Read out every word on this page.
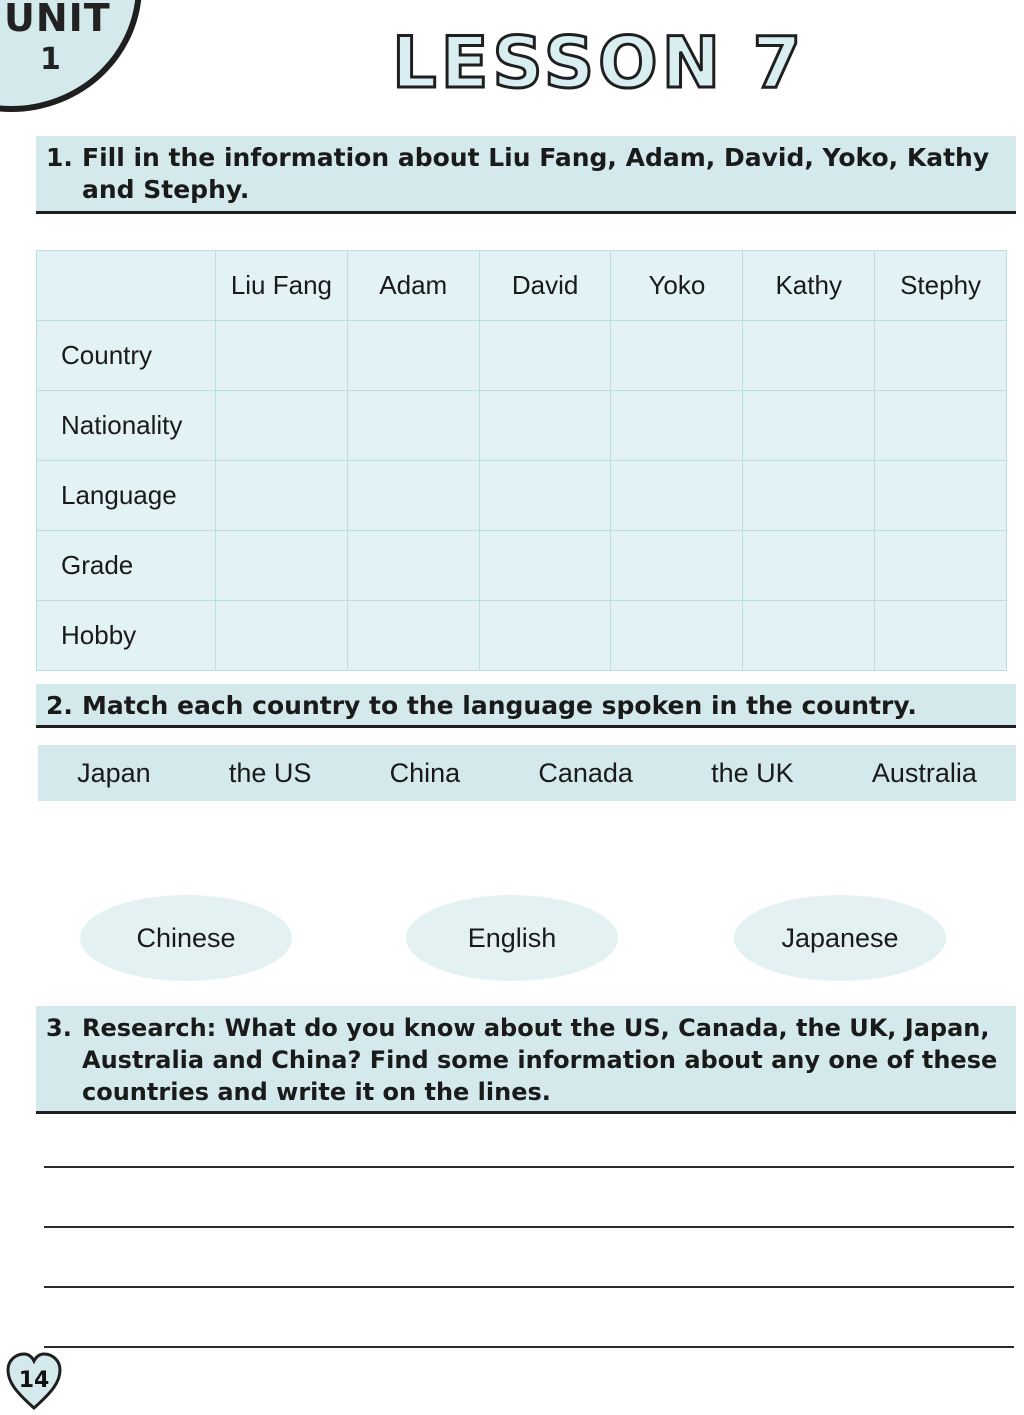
UNIT
1	LESSON 7
1. Fill in the information about Liu Fang, Adam, David, Yoko, Kathy and Stephy.
	Liu Fang	Adam	David	Yoko	Kathy	Stephy
Country						
Nationality						
Language						
Grade						
Hobby						
2. Match each country to the language spoken in the country.
Japan	the US	China	Canada	the UK	Australia
Chinese	English	Japanese
3. Research: What do you know about the US, Canada, the UK, Japan, Australia and China? Find some information about any one of these countries and write it on the lines.
14
